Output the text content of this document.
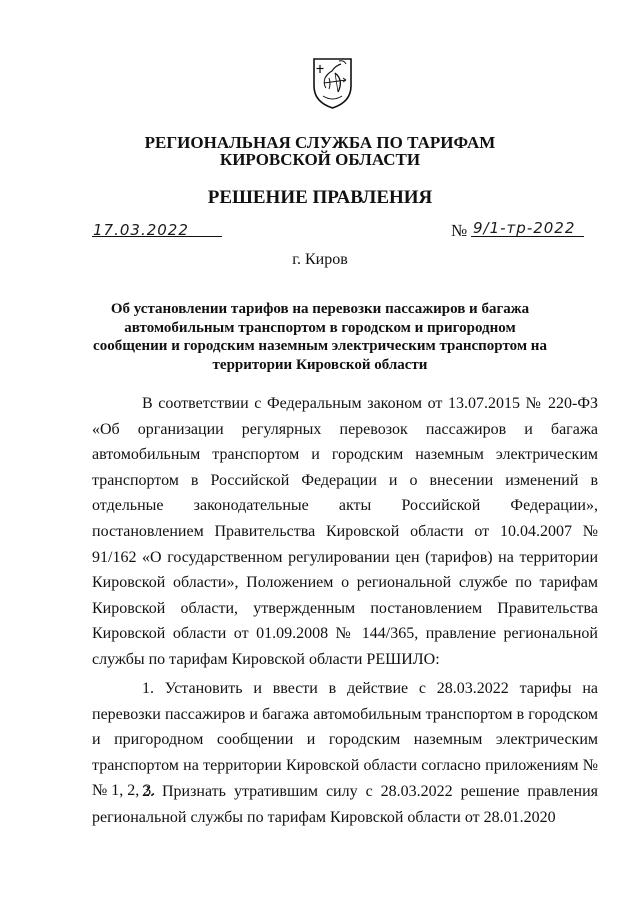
РЕГИОНАЛЬНАЯ СЛУЖБА ПО ТАРИФАМ
КИРОВСКОЙ ОБЛАСТИ
РЕШЕНИЕ ПРАВЛЕНИЯ
17.03.2022	№ 9/1-тр-2022
г. Киров
Об установлении тарифов на перевозки пассажиров и багажа автомобильным транспортом в городском и пригородном сообщении и городским наземным электрическим транспортом на территории Кировской области

В соответствии с Федеральным законом от 13.07.2015 № 220-ФЗ «Об организации регулярных перевозок пассажиров и багажа автомобильным транспортом и городским наземным электрическим транспортом в Российской Федерации и о внесении изменений в отдельные законодательные акты Российской Федерации», постановлением Правительства Кировской области от 10.04.2007 № 91/162 «О государственном регулировании цен (тарифов) на территории Кировской области», Положением о региональной службе по тарифам Кировской области, утвержденным постановлением Правительства Кировской области от 01.09.2008 № 144/365, правление региональной службы по тарифам Кировской области РЕШИЛО:

1. Установить и ввести в действие с 28.03.2022 тарифы на перевозки пассажиров и багажа автомобильным транспортом в городском и пригородном сообщении и городским наземным электрическим транспортом на территории Кировской области согласно приложениям №№ 1, 2, 3.

2. Признать утратившим силу с 28.03.2022 решение правления региональной службы по тарифам Кировской области от 28.01.2020
